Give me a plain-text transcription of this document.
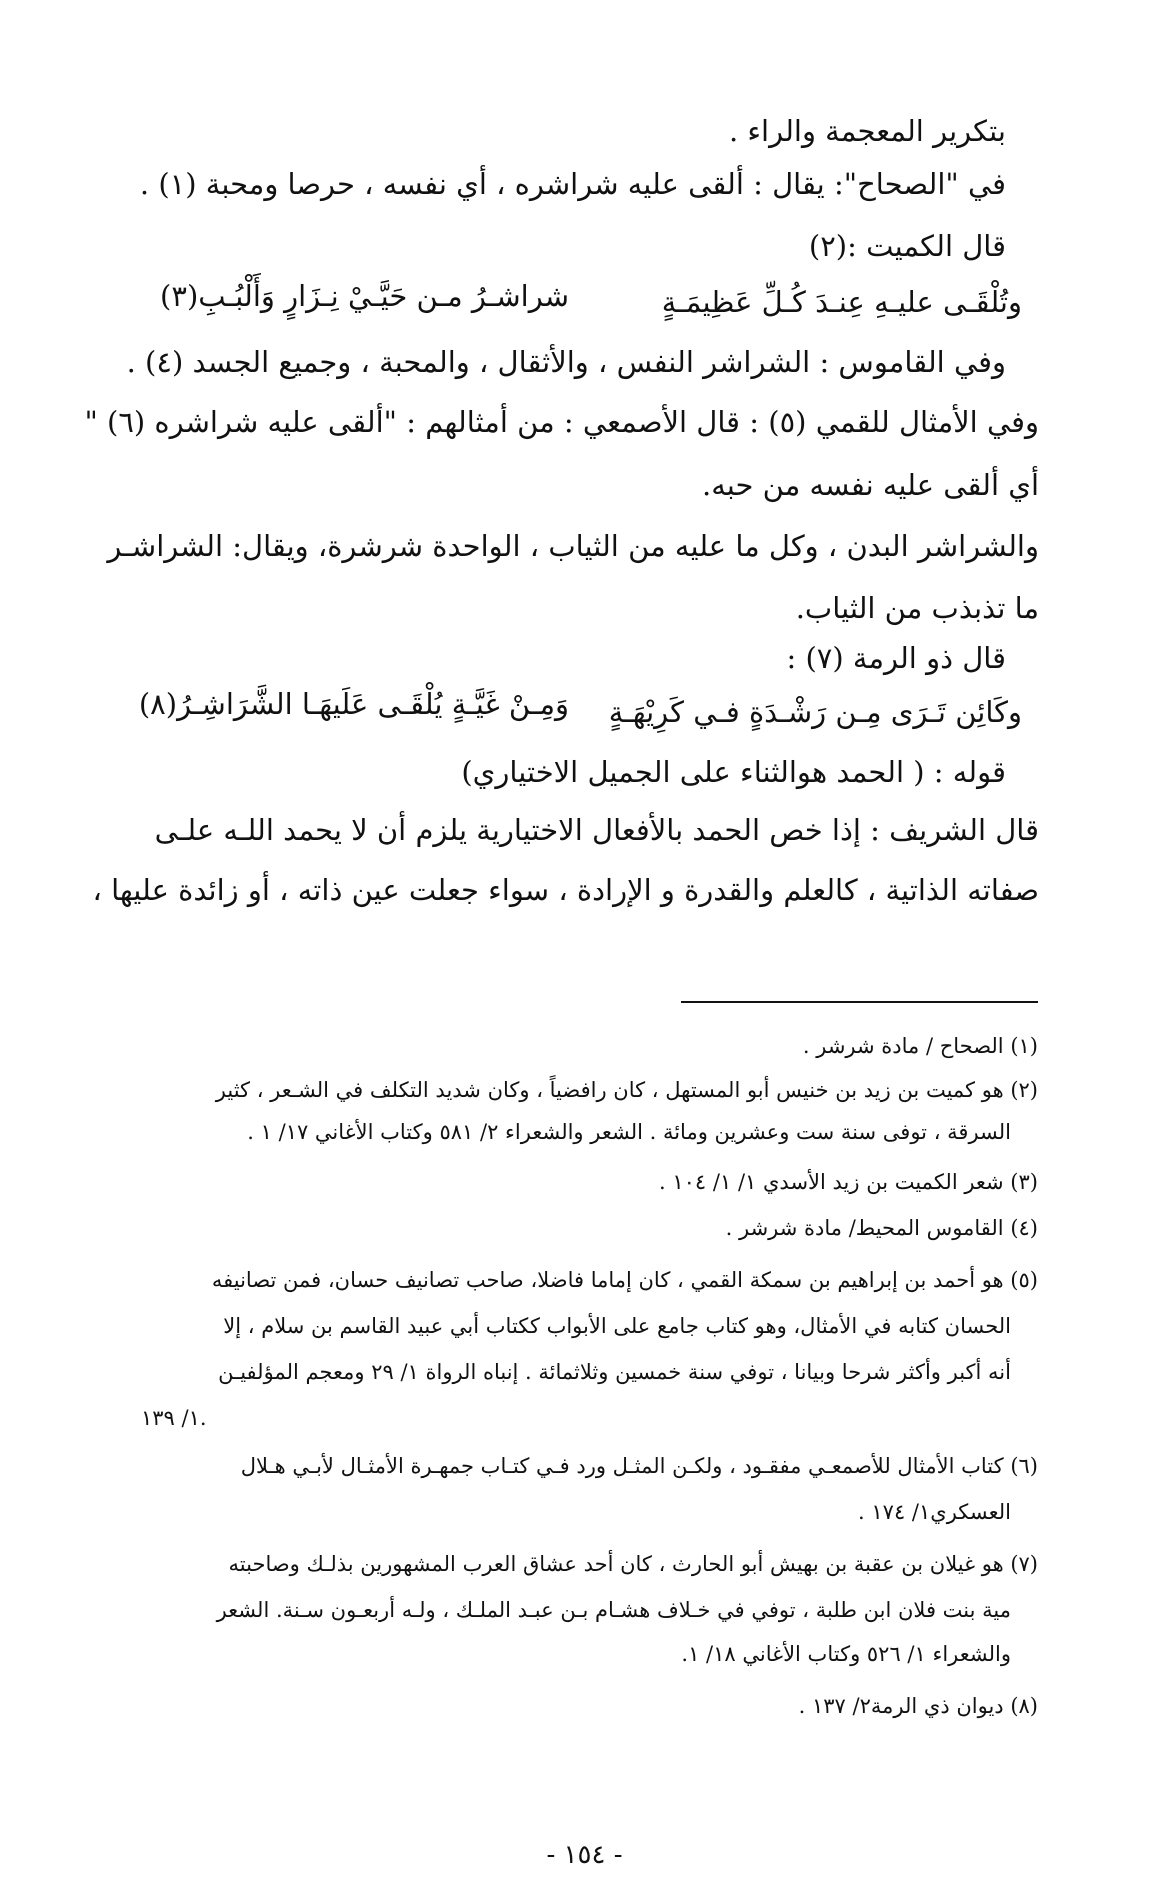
بتكرير المعجمة والراء .
في "الصحاح": يقال : ألقى عليه شراشره ، أي نفسه ، حرصا ومحبة (١) .
قال الكميت :(٢)
وتُلْقَـى عليـهِ عِنـدَ كُـلِّ عَظِيمَـةٍ
شراشـرُ مـن حَيَّـيْ نِـزَارٍ وَأَلْبُـبِ(٣)
وفي القاموس : الشراشر النفس ، والأثقال ، والمحبة ، وجميع الجسد (٤) .
وفي الأمثال للقمي (٥) : قال الأصمعي : من أمثالهم : "ألقى عليه شراشره (٦) "
أي ألقى عليه نفسه من حبه.
والشراشر البدن ، وكل ما عليه من الثياب ، الواحدة شرشرة، ويقال: الشراشـر
ما تذبذب من الثياب.
قال ذو الرمة (٧) :
وكَائِن تَـرَى مِـن رَشْـدَةٍ فـي كَرِيْهَـةٍ
وَمِـنْ غَيَّـةٍ يُلْقَـى عَلَيهَـا الشَّرَاشِـرُ(٨)
قوله : ( الحمد هوالثناء على الجميل الاختياري)
قال الشريف : إذا خص الحمد بالأفعال الاختيارية يلزم أن لا يحمد اللـه علـى
صفاته الذاتية ، كالعلم والقدرة و الإرادة ، سواء جعلت عين ذاته ، أو زائدة عليها ،
(١) الصحاح / مادة شرشر .
(٢) هو كميت بن زيد بن خنيس أبو المستهل ، كان رافضياً ، وكان شديد التكلف في الشـعر ، كثير
السرقة ، توفى سنة ست وعشرين ومائة . الشعر والشعراء ٢/ ٥٨١ وكتاب الأغاني ١٧/ ١ .
(٣) شعر الكميت بن زيد الأسدي ١/ ١/ ١٠٤ .
(٤) القاموس المحيط/ مادة شرشر .
(٥) هو أحمد بن إبراهيم بن سمكة القمي ، كان إماما فاضلا، صاحب تصانيف حسان، فمن تصانيفه
الحسان كتابه في الأمثال، وهو كتاب جامع على الأبواب ككتاب أبي عبيد القاسم بن سلام ، إلا
أنه أكبر وأكثر شرحا وبيانا ، توفي سنة خمسين وثلاثمائة . إنباه الرواة ١/ ٢٩ ومعجم المؤلفيـن
١/ ١٣٩.
(٦) كتاب الأمثال للأصمعـي مفقـود ، ولكـن المثـل ورد فـي كتـاب جمهـرة الأمثـال لأبـي هـلال
العسكري١/ ١٧٤ .
(٧) هو غيلان بن عقبة بن بهيش أبو الحارث ، كان أحد عشاق العرب المشهورين بذلـك وصاحبته
مية بنت فلان ابن طلبة ، توفي في خـلاف هشـام بـن عبـد الملـك ، ولـه أربعـون سـنة. الشعر
والشعراء ١/ ٥٢٦ وكتاب الأغاني ١٨/ ١.
(٨) ديوان ذي الرمة٢/ ١٣٧ .
- ١٥٤ -
